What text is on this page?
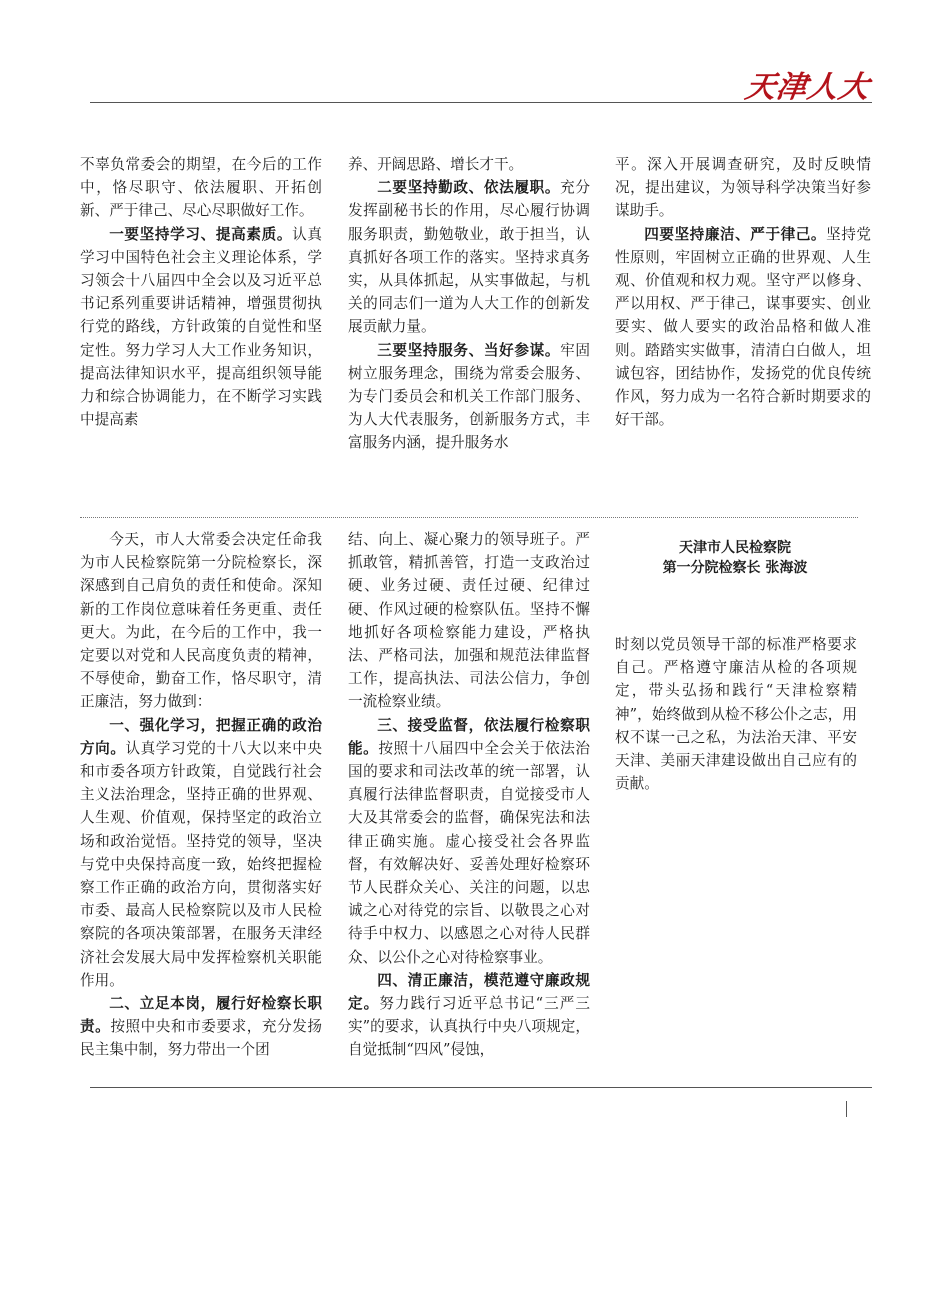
天津人大

不辜负常委会的期望，在今后的工作中，恪尽职守、依法履职、开拓创新、严于律己、尽心尽职做好工作。

一要坚持学习、提高素质。认真学习中国特色社会主义理论体系，学习领会十八届四中全会以及习近平总书记系列重要讲话精神，增强贯彻执行党的路线，方针政策的自觉性和坚定性。努力学习人大工作业务知识，提高法律知识水平，提高组织领导能力和综合协调能力，在不断学习实践中提高素

养、开阔思路、增长才干。

二要坚持勤政、依法履职。充分发挥副秘书长的作用，尽心履行协调服务职责，勤勉敬业，敢于担当，认真抓好各项工作的落实。坚持求真务实，从具体抓起，从实事做起，与机关的同志们一道为人大工作的创新发展贡献力量。

三要坚持服务、当好参谋。牢固树立服务理念，围绕为常委会服务、为专门委员会和机关工作部门服务、为人大代表服务，创新服务方式，丰富服务内涵，提升服务水

平。深入开展调查研究，及时反映情况，提出建议，为领导科学决策当好参谋助手。

四要坚持廉洁、严于律己。坚持党性原则，牢固树立正确的世界观、人生观、价值观和权力观。坚守严以修身、严以用权、严于律己，谋事要实、创业要实、做人要实的政治品格和做人准则。踏踏实实做事，清清白白做人，坦诚包容，团结协作，发扬党的优良传统作风，努力成为一名符合新时期要求的好干部。

今天，市人大常委会决定任命我为市人民检察院第一分院检察长，深深感到自己肩负的责任和使命。深知新的工作岗位意味着任务更重、责任更大。为此，在今后的工作中，我一定要以对党和人民高度负责的精神，不辱使命，勤奋工作，恪尽职守，清正廉洁，努力做到：

一、强化学习，把握正确的政治方向。认真学习党的十八大以来中央和市委各项方针政策，自觉践行社会主义法治理念，坚持正确的世界观、人生观、价值观，保持坚定的政治立场和政治觉悟。坚持党的领导，坚决与党中央保持高度一致，始终把握检察工作正确的政治方向，贯彻落实好市委、最高人民检察院以及市人民检察院的各项决策部署，在服务天津经济社会发展大局中发挥检察机关职能作用。

二、立足本岗，履行好检察长职责。按照中央和市委要求，充分发扬民主集中制，努力带出一个团

结、向上、凝心聚力的领导班子。严抓敢管，精抓善管，打造一支政治过硬、业务过硬、责任过硬、纪律过硬、作风过硬的检察队伍。坚持不懈地抓好各项检察能力建设，严格执法、严格司法，加强和规范法律监督工作，提高执法、司法公信力，争创一流检察业绩。

三、接受监督，依法履行检察职能。按照十八届四中全会关于依法治国的要求和司法改革的统一部署，认真履行法律监督职责，自觉接受市人大及其常委会的监督，确保宪法和法律正确实施。虚心接受社会各界监督，有效解决好、妥善处理好检察环节人民群众关心、关注的问题，以忠诚之心对待党的宗旨、以敬畏之心对待手中权力、以感恩之心对待人民群众、以公仆之心对待检察事业。

四、清正廉洁，模范遵守廉政规定。努力践行习近平总书记“三严三实”的要求，认真执行中央八项规定，自觉抵制“四风”侵蚀，

天津市人民检察院
第一分院检察长 张海波

时刻以党员领导干部的标准严格要求自己。严格遵守廉洁从检的各项规定，带头弘扬和践行“天津检察精神”，始终做到从检不移公仆之志，用权不谋一己之私，为法治天津、平安天津、美丽天津建设做出自己应有的贡献。
